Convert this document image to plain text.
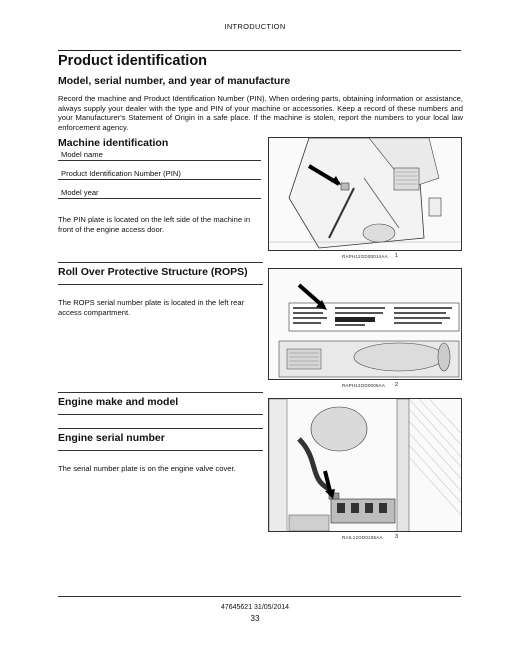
INTRODUCTION
Product identification
Model, serial number, and year of manufacture
Record the machine and Product Identification Number (PIN). When ordering parts, obtaining information or assistance, always supply your dealer with the type and PIN of your machine or accessories. Keep a record of these numbers and your Manufacturer's Statement of Origin in a safe place. If the machine is stolen, report the numbers to your local law enforcement agency.
Machine identification
Model name
Product Identification Number (PIN)
Model year
The PIN plate is located on the left side of the machine in front of the engine access door.
RAPH12GD00014AA 1
Roll Over Protective Structure (ROPS)
The ROPS serial number plate is located in the left rear access compartment.
RAPH12GD0005AA 2
Engine make and model
Engine serial number
The serial number plate is on the engine valve cover.
RAIL12GD0106AA 3
47645621 31/05/2014
33
